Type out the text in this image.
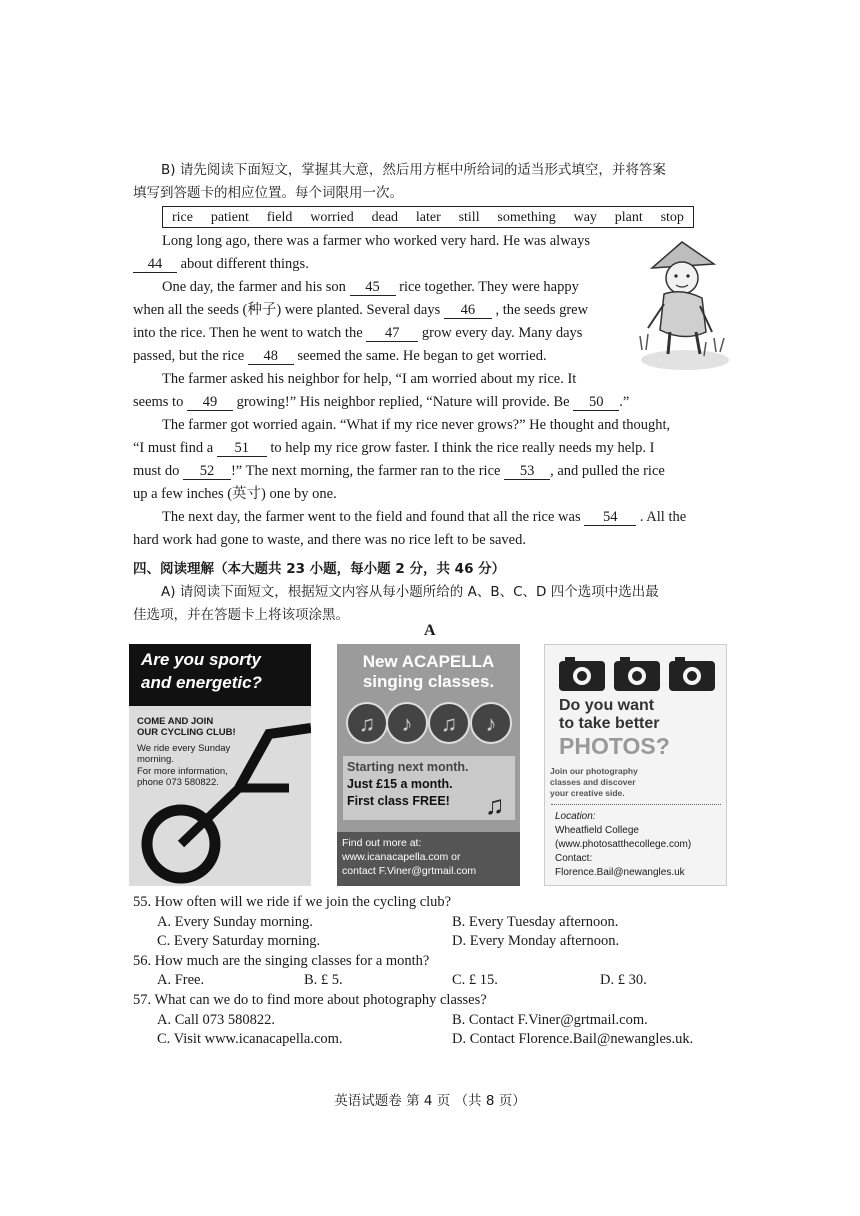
B) 请先阅读下面短文，掌握其大意，然后用方框中所给词的适当形式填空，并将答案
填写到答题卡的相应位置。每个词限用一次。
rice patient field worried dead later still something way plant stop
Long long ago, there was a farmer who worked very hard. He was always
44 about different things.
One day, the farmer and his son 45 rice together. They were happy
when all the seeds (种子) were planted. Several days 46 , the seeds grew
into the rice. Then he went to watch the 47 grow every day. Many days
passed, but the rice 48 seemed the same. He began to get worried.
The farmer asked his neighbor for help, “I am worried about my rice. It
seems to 49 growing!” His neighbor replied, “Nature will provide. Be 50 .”
The farmer got worried again. “What if my rice never grows?” He thought and thought,
“I must find a 51 to help my rice grow faster. I think the rice really needs my help. I
must do 52 !” The next morning, the farmer ran to the rice 53 , and pulled the rice
up a few inches (英寸) one by one.
The next day, the farmer went to the field and found that all the rice was 54 . All the
hard work had gone to waste, and there was no rice left to be saved.
四、阅读理解（本大题共 23 小题，每小题 2 分，共 46 分）
A) 请阅读下面短文，根据短文内容从每小题所给的 A、B、C、D 四个选项中选出最
佳选项，并在答题卡上将该项涂黑。
A
Are you sporty
and energetic?
COME AND JOIN
OUR CYCLING CLUB!
We ride every Sunday
morning.
For more information,
phone 073 580822.
New ACAPELLA
singing classes.
♫ ♪ ♫ ♪
Starting next month.
Just £15 a month.
First class FREE! ♫
Find out more at:
www.icanacapella.com or
contact F.Viner@grtmail.com
Do you want
to take better
PHOTOS?
Join our photography
classes and discover
your creative side.
Location:
Wheatfield College
(www.photosatthecollege.com)
Contact:
Florence.Bail@newangles.uk
55. How often will we ride if we join the cycling club?
A. Every Sunday morning.	B. Every Tuesday afternoon.
C. Every Saturday morning.	D. Every Monday afternoon.
56. How much are the singing classes for a month?
A. Free.	B. £ 5.	C. £ 15.	D. £ 30.
57. What can we do to find more about photography classes?
A. Call 073 580822.	B. Contact F.Viner@grtmail.com.
C. Visit www.icanacapella.com.	D. Contact Florence.Bail@newangles.uk.
英语试题卷 第 4 页 （共 8 页）
